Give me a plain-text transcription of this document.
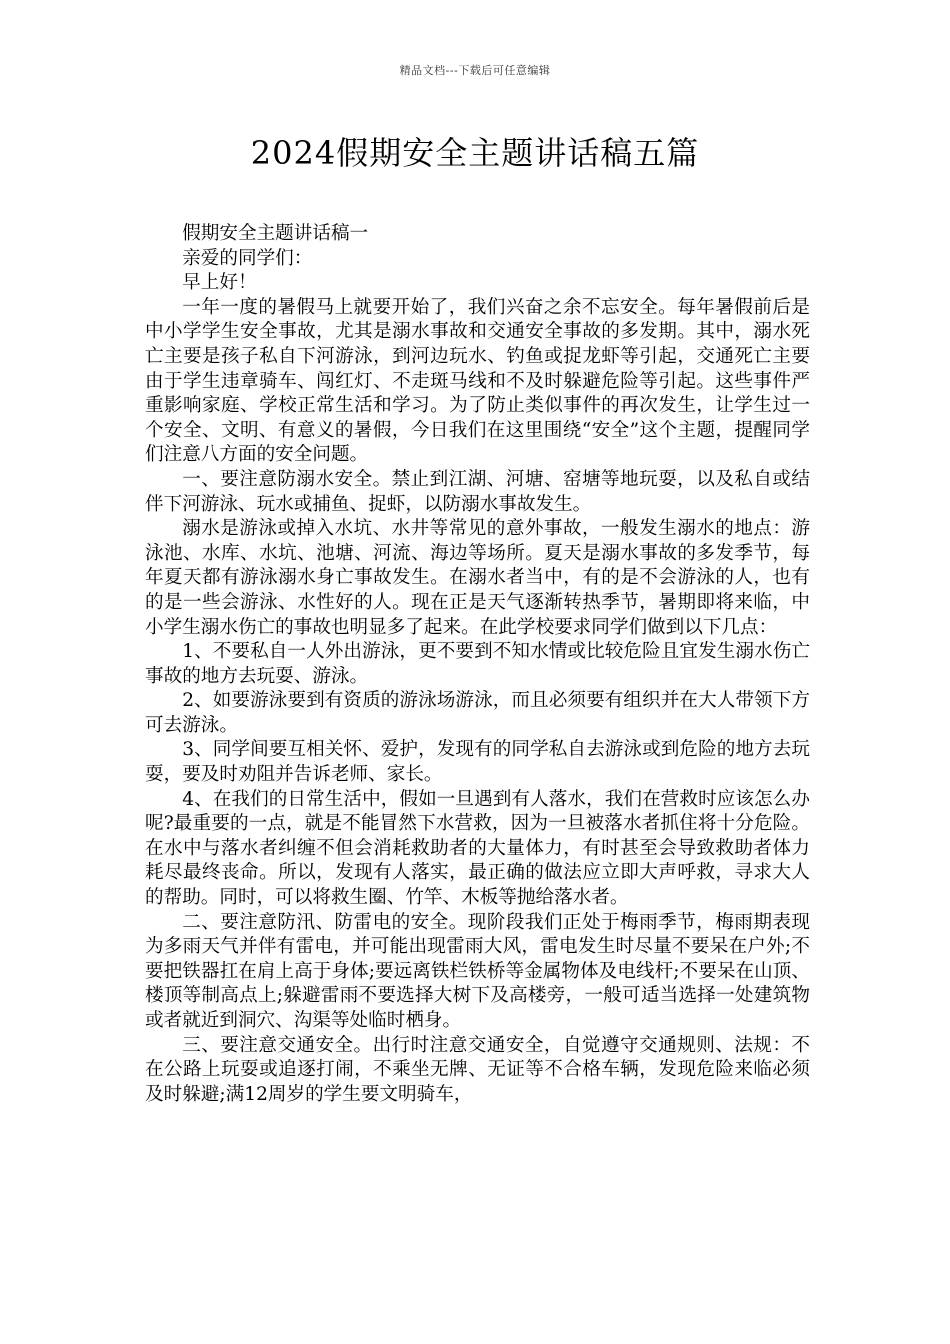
精品文档---下载后可任意编辑
2024假期安全主题讲话稿五篇

假期安全主题讲话稿一

亲爱的同学们：

早上好！

一年一度的暑假马上就要开始了，我们兴奋之余不忘安全。每年暑假前后是中小学学生安全事故，尤其是溺水事故和交通安全事故的多发期。其中，溺水死亡主要是孩子私自下河游泳，到河边玩水、钓鱼或捉龙虾等引起，交通死亡主要由于学生违章骑车、闯红灯、不走斑马线和不及时躲避危险等引起。这些事件严重影响家庭、学校正常生活和学习。为了防止类似事件的再次发生，让学生过一个安全、文明、有意义的暑假，今日我们在这里围绕“安全”这个主题，提醒同学们注意八方面的安全问题。

一、要注意防溺水安全。禁止到江湖、河塘、窑塘等地玩耍，以及私自或结伴下河游泳、玩水或捕鱼、捉虾，以防溺水事故发生。

溺水是游泳或掉入水坑、水井等常见的意外事故，一般发生溺水的地点：游泳池、水库、水坑、池塘、河流、海边等场所。夏天是溺水事故的多发季节，每年夏天都有游泳溺水身亡事故发生。在溺水者当中，有的是不会游泳的人，也有的是一些会游泳、水性好的人。现在正是天气逐渐转热季节，暑期即将来临，中小学生溺水伤亡的事故也明显多了起来。在此学校要求同学们做到以下几点：

1、不要私自一人外出游泳，更不要到不知水情或比较危险且宜发生溺水伤亡事故的地方去玩耍、游泳。

2、如要游泳要到有资质的游泳场游泳，而且必须要有组织并在大人带领下方可去游泳。

3、同学间要互相关怀、爱护，发现有的同学私自去游泳或到危险的地方去玩耍，要及时劝阻并告诉老师、家长。

4、在我们的日常生活中，假如一旦遇到有人落水，我们在营救时应该怎么办呢?最重要的一点，就是不能冒然下水营救，因为一旦被落水者抓住将十分危险。在水中与落水者纠缠不但会消耗救助者的大量体力，有时甚至会导致救助者体力耗尽最终丧命。所以，发现有人落实，最正确的做法应立即大声呼救，寻求大人的帮助。同时，可以将救生圈、竹竿、木板等抛给落水者。

二、要注意防汛、防雷电的安全。现阶段我们正处于梅雨季节，梅雨期表现为多雨天气并伴有雷电，并可能出现雷雨大风，雷电发生时尽量不要呆在户外;不要把铁器扛在肩上高于身体;要远离铁栏铁桥等金属物体及电线杆;不要呆在山顶、楼顶等制高点上;躲避雷雨不要选择大树下及高楼旁，一般可适当选择一处建筑物或者就近到洞穴、沟渠等处临时栖身。

三、要注意交通安全。出行时注意交通安全，自觉遵守交通规则、法规：不在公路上玩耍或追逐打闹，不乘坐无牌、无证等不合格车辆，发现危险来临必须及时躲避;满12周岁的学生要文明骑车，
